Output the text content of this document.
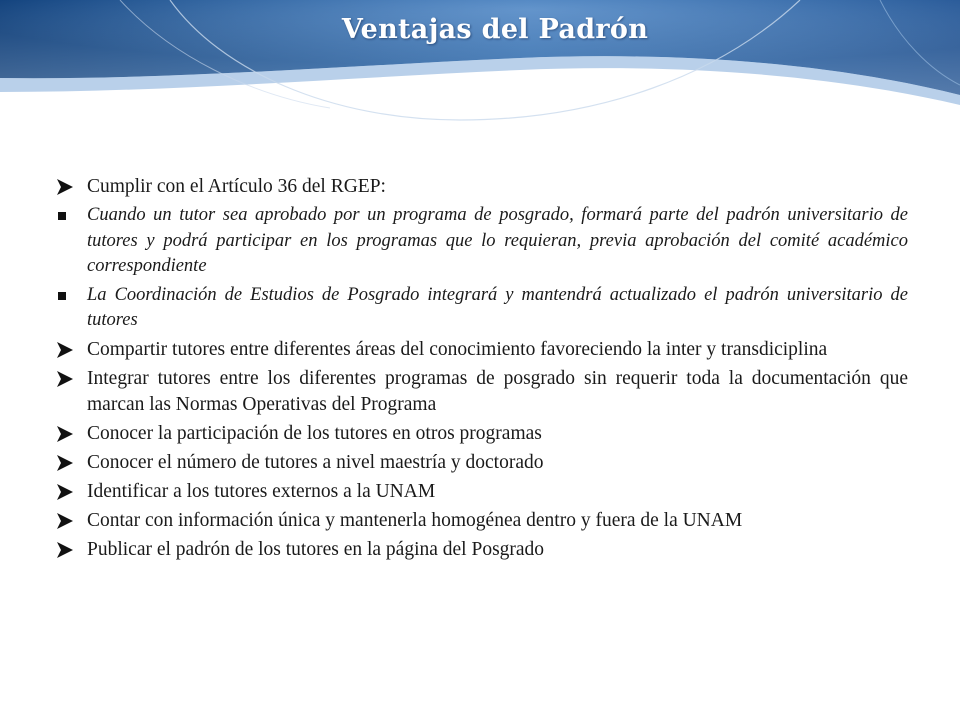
Ventajas del Padrón
Cumplir con el Artículo 36 del RGEP:
Cuando un tutor sea aprobado por un programa de posgrado, formará parte del padrón universitario de tutores y podrá participar en los programas que lo requieran, previa aprobación del comité académico correspondiente
La Coordinación de Estudios de Posgrado integrará y mantendrá actualizado el padrón universitario de tutores
Compartir tutores entre diferentes áreas del conocimiento favoreciendo la inter y transdiciplina
Integrar tutores entre los diferentes programas de posgrado sin requerir toda la documentación que marcan las Normas Operativas del Programa
Conocer la participación de los tutores en otros programas
Conocer el número de tutores a nivel maestría y doctorado
Identificar a los tutores externos a la UNAM
Contar con información única y mantenerla homogénea dentro y fuera de la UNAM
Publicar el padrón de los tutores en la página del Posgrado
